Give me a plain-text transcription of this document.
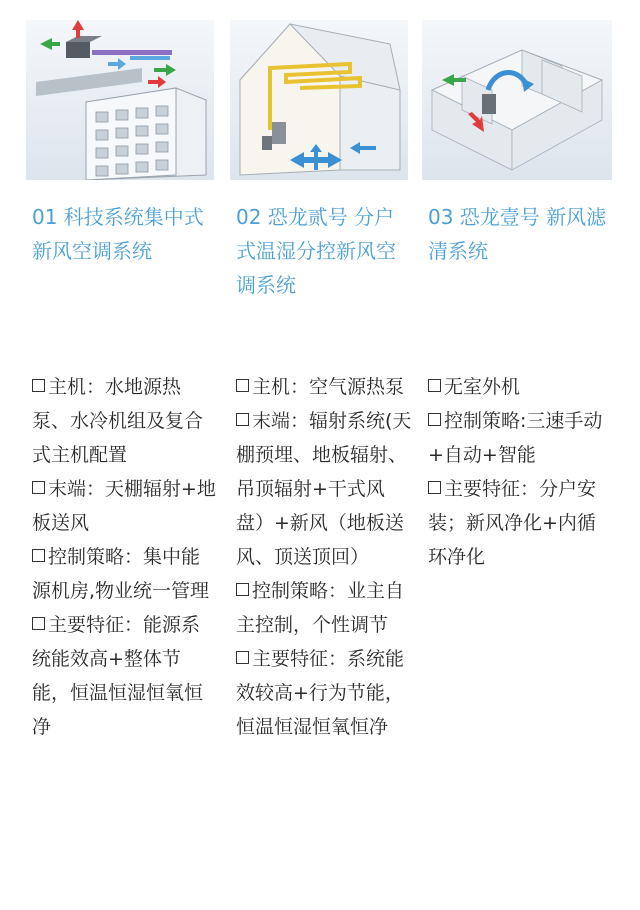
01 科技系统集中式新风空调系统
主机：水地源热泵、水冷机组及复合式主机配置
末端：天棚辐射+地板送风
控制策略：集中能源机房,物业统一管理
主要特征：能源系统能效高+整体节能，恒温恒湿恒氧恒净
02 恐龙贰号 分户式温湿分控新风空调系统
主机：空气源热泵
末端：辐射系统(天棚预埋、地板辐射、吊顶辐射+干式风盘）+新风（地板送风、顶送顶回）
控制策略：业主自主控制，个性调节
主要特征：系统能效较高+行为节能，恒温恒湿恒氧恒净
03 恐龙壹号 新风滤清系统
无室外机
控制策略:三速手动+自动+智能
主要特征：分户安装；新风净化+内循环净化
